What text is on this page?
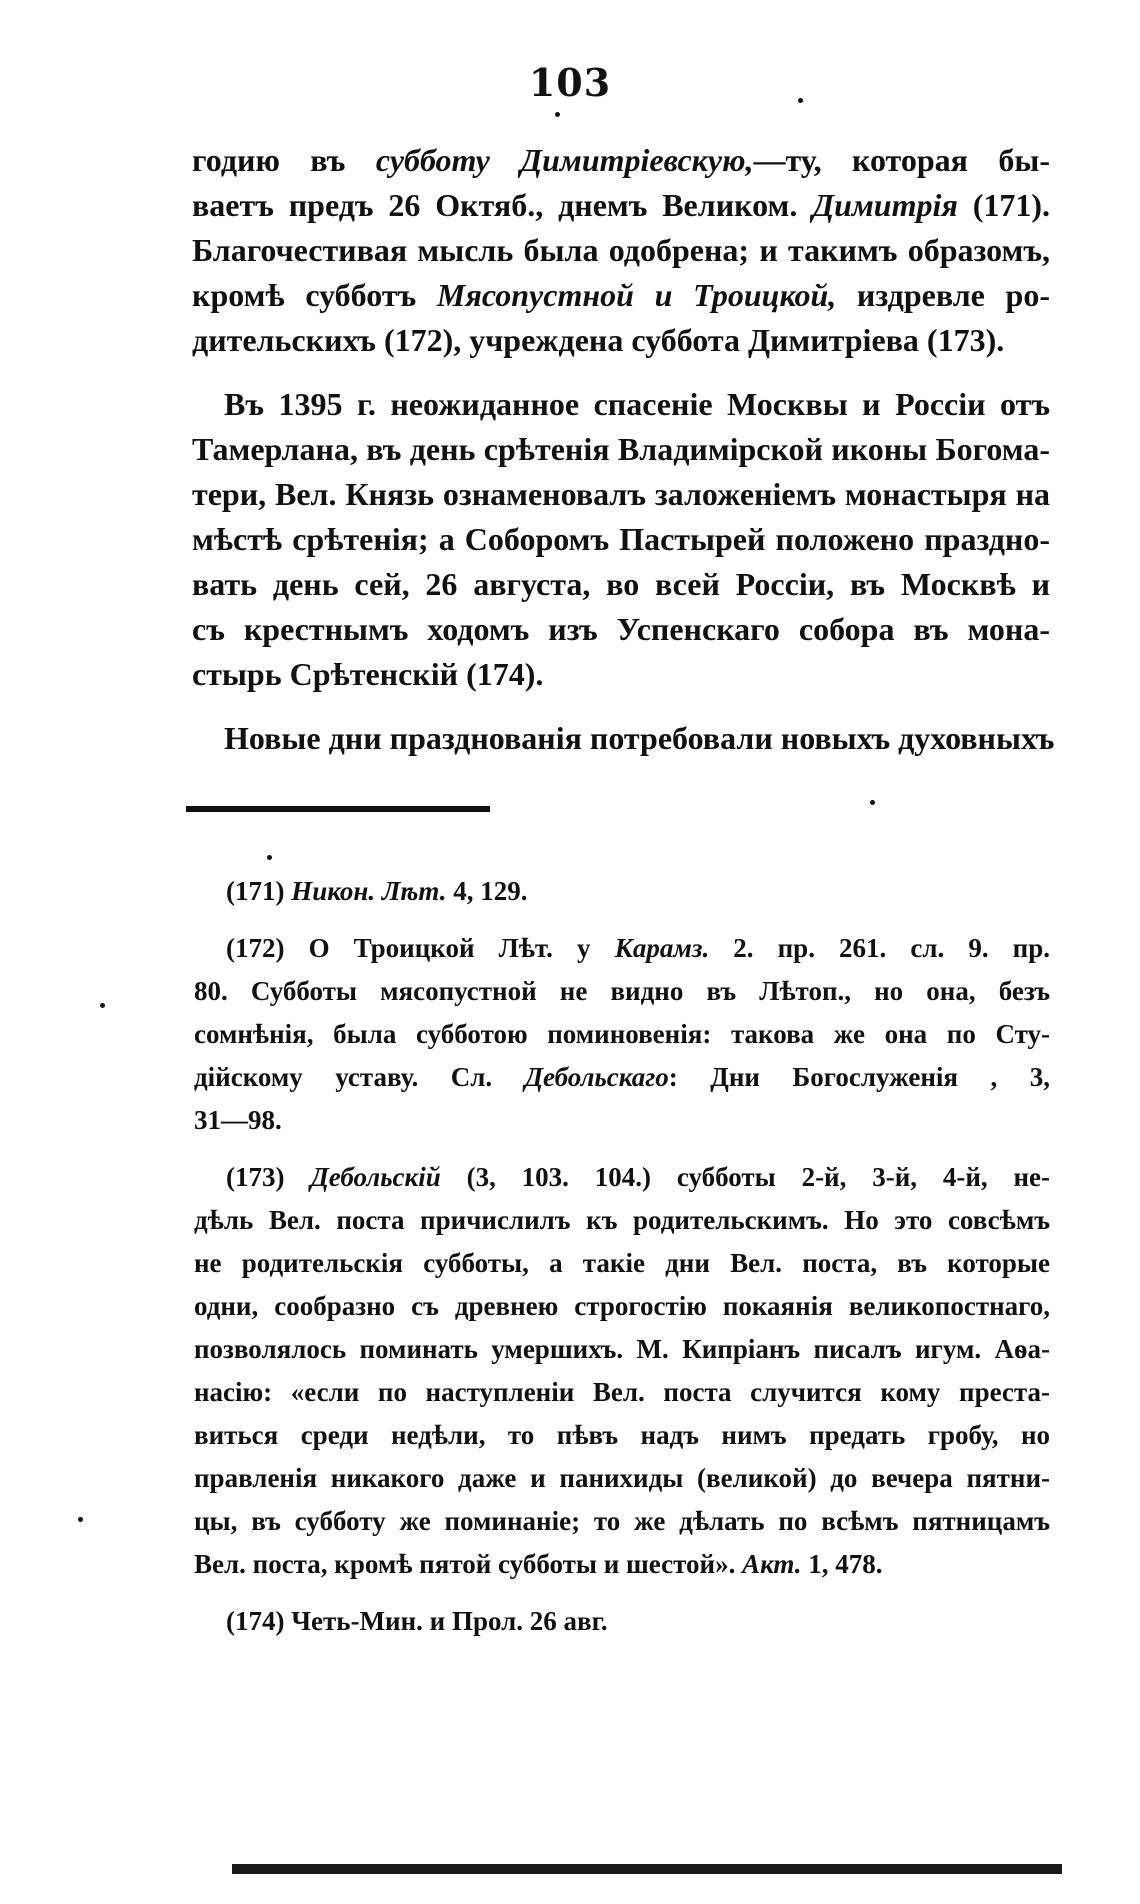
103
годию въ субботу Димитріевскую,—ту, которая бы-
ваетъ предъ 26 Октяб., днемъ Великом. Димитрія (171).
Благочестивая мысль была одобрена; и такимъ образомъ,
кромѣ субботъ Мясопустной и Троицкой, издревле ро-
дительскихъ (172), учреждена суббота Димитріева (173).
Въ 1395 г. неожиданное спасеніе Москвы и Россіи отъ
Тамерлана, въ день срѣтенія Владимірской иконы Богома-
тери, Вел. Князь ознаменовалъ заложеніемъ монастыря на
мѣстѣ срѣтенія; а Соборомъ Пастырей положено праздно-
вать день сей, 26 августа, во всей Россіи, въ Москвѣ и
съ крестнымъ ходомъ изъ Успенскаго собора въ мона-
стырь Срѣтенскій (174).
Новые дни празднованія потребовали новыхъ духовныхъ
(171) Никон. Лѣт. 4, 129.
(172) О Троицкой Лѣт. у Карамз. 2. пр. 261. сл. 9. пр.
80. Субботы мясопустной не видно въ Лѣтоп., но она, безъ
сомнѣнія, была субботою поминовенія: такова же она по Сту-
дійскому уставу. Сл. Дебольскаго: Дни Богослуженія , 3,
31—98.
(173) Дебольскій (3, 103. 104.) субботы 2-й, 3-й, 4-й, не-
дѣль Вел. поста причислилъ къ родительскимъ. Но это совсѣмъ
не родительскія субботы, а такіе дни Вел. поста, въ которые
одни, сообразно съ древнею строгостію покаянія великопостнаго,
позволялось поминать умершихъ. М. Кипріанъ писалъ игум. Аѳа-
насію: «если по наступленіи Вел. поста случится кому преста-
виться среди недѣли, то пѣвъ надъ нимъ предать гробу, но
правленія никакого даже и панихиды (великой) до вечера пятни-
цы, въ субботу же поминаніе; то же дѣлать по всѣмъ пятницамъ
Вел. поста, кромѣ пятой субботы и шестой». Акт. 1, 478.
(174) Четь-Мин. и Прол. 26 авг.
